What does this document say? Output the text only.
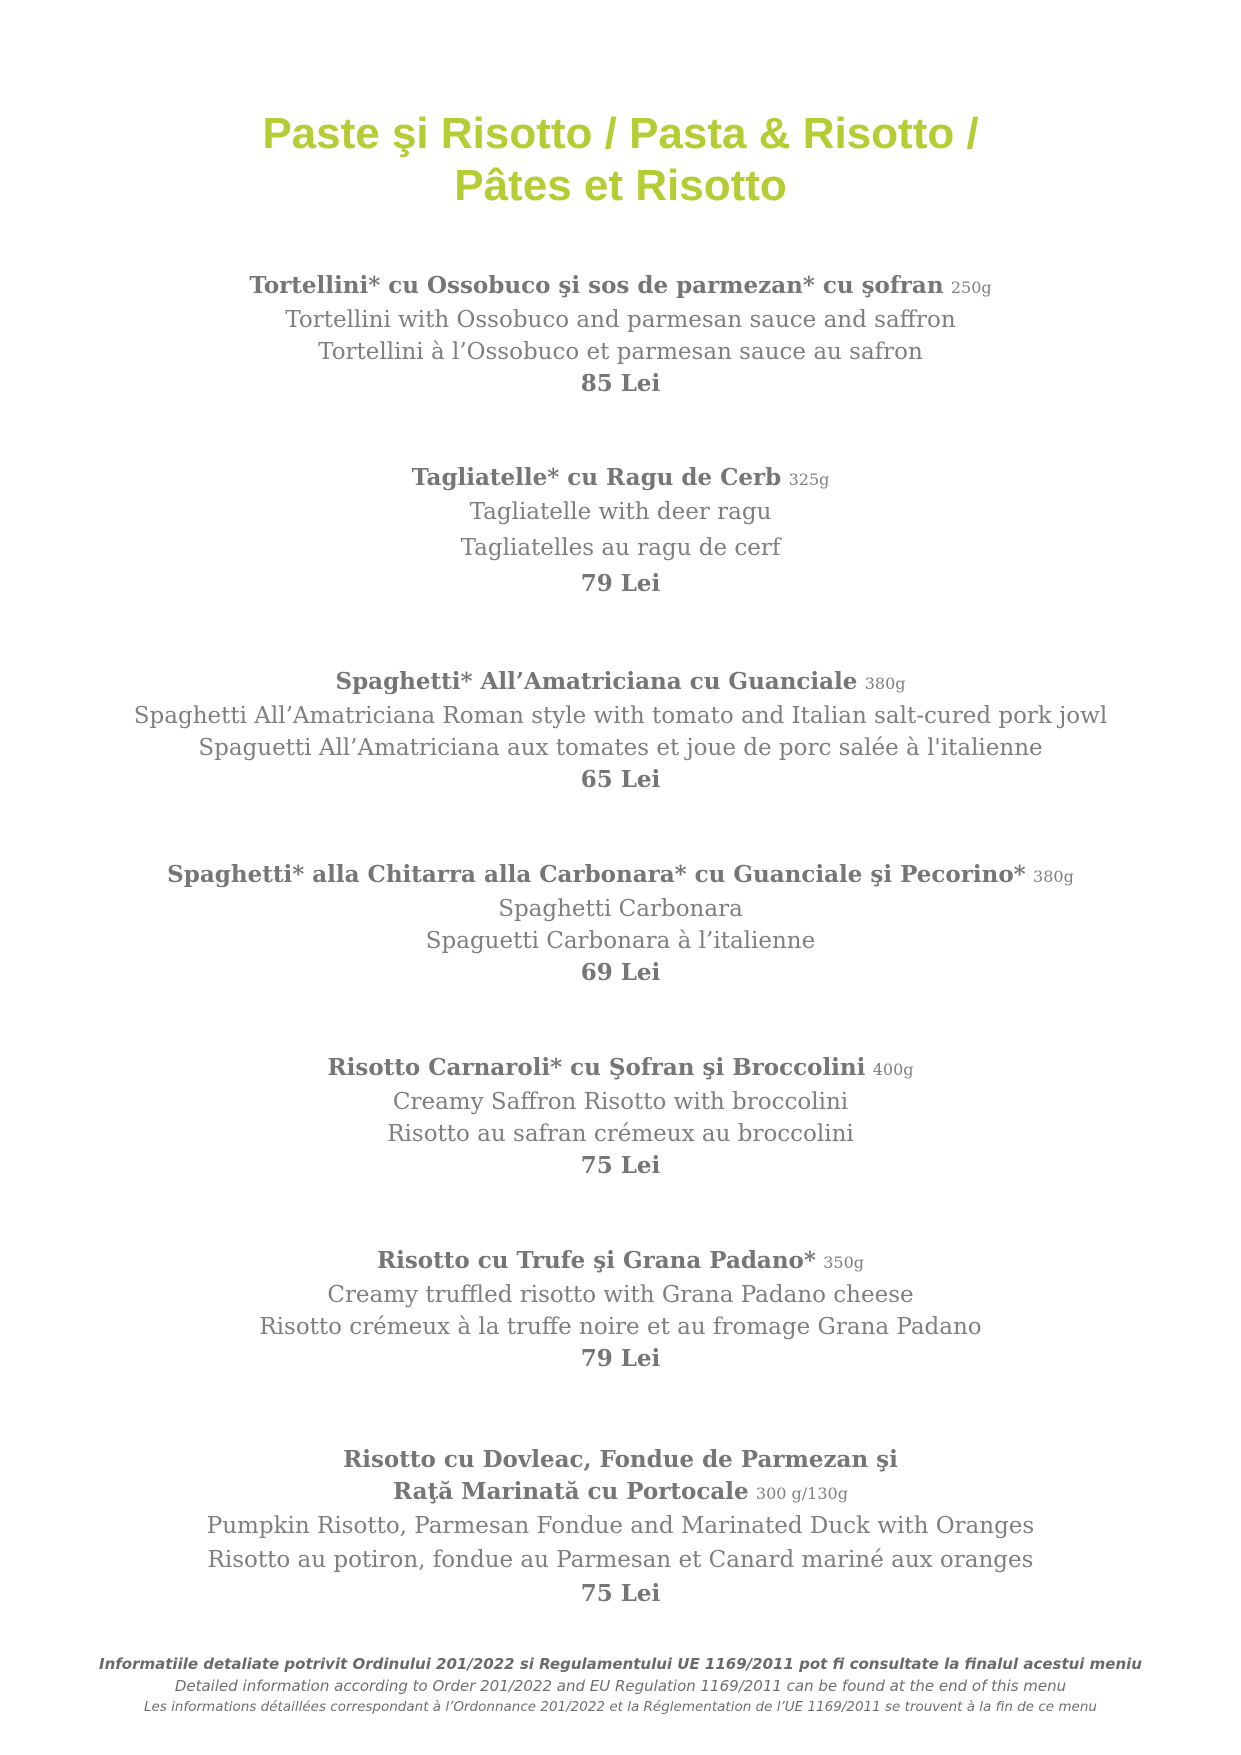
Paste şi Risotto / Pasta & Risotto /
Pâtes et Risotto
Tortellini* cu Ossobuco şi sos de parmezan* cu şofran 250g
Tortellini with Ossobuco and parmesan sauce and saffron
Tortellini à l’Ossobuco et parmesan sauce au safron
85 Lei
Tagliatelle* cu Ragu de Cerb 325g
Tagliatelle with deer ragu
Tagliatelles au ragu de cerf
79 Lei
Spaghetti* All’Amatriciana cu Guanciale 380g
Spaghetti All’Amatriciana Roman style with tomato and Italian salt-cured pork jowl
Spaguetti All’Amatriciana aux tomates et joue de porc salée à l'italienne
65 Lei
Spaghetti* alla Chitarra alla Carbonara* cu Guanciale şi Pecorino* 380g
Spaghetti Carbonara
Spaguetti Carbonara à l’italienne
69 Lei
Risotto Carnaroli* cu Şofran şi Broccolini 400g
Creamy Saffron Risotto with broccolini
Risotto au safran crémeux au broccolini
75 Lei
Risotto cu Trufe şi Grana Padano* 350g
Creamy truffled risotto with Grana Padano cheese
Risotto crémeux à la truffe noire et au fromage Grana Padano
79 Lei
Risotto cu Dovleac, Fondue de Parmezan şi
Raţă Marinată cu Portocale 300 g/130g
Pumpkin Risotto, Parmesan Fondue and Marinated Duck with Oranges
Risotto au potiron, fondue au Parmesan et Canard mariné aux oranges
75 Lei
Informatiile detaliate potrivit Ordinului 201/2022 si Regulamentului UE 1169/2011 pot fi consultate la finalul acestui meniu
Detailed information according to Order 201/2022 and EU Regulation 1169/2011 can be found at the end of this menu
Les informations détaillées correspondant à l’Ordonnance 201/2022 et la Réglementation de l’UE 1169/2011 se trouvent à la fin de ce menu
